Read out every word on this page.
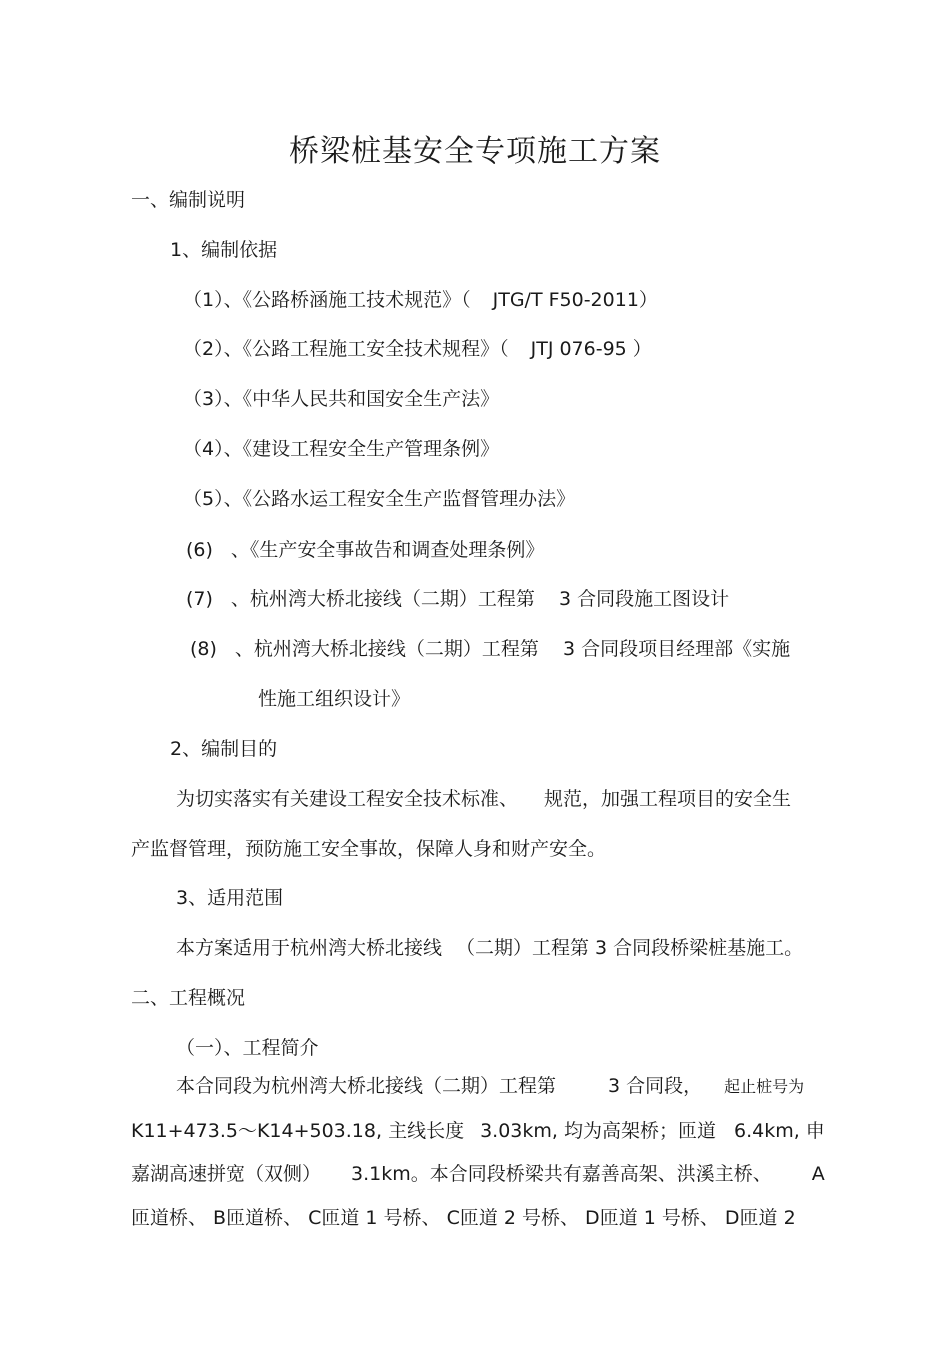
桥梁桩基安全专项施工方案
一、编制说明
1、编制依据
（1）、《公路桥涵施工技术规范》（ JTG/T F50-2011）
（2）、《公路工程施工安全技术规程》（ JTJ 076-95 ）
（3）、《中华人民共和国安全生产法》
（4）、《建设工程安全生产管理条例》
（5）、《公路水运工程安全生产监督管理办法》
(6) 、《生产安全事故告和调查处理条例》
(7) 、杭州湾大桥北接线（二期）工程第 3 合同段施工图设计
(8) 、杭州湾大桥北接线（二期）工程第 3 合同段项目经理部《实施
性施工组织设计》
2、编制目的
为切实落实有关建设工程安全技术标准、 规范，加强工程项目的安全生
产监督管理，预防施工安全事故，保障人身和财产安全。
3、适用范围
本方案适用于杭州湾大桥北接线 （二期）工程第 3 合同段桥梁桩基施工。
二、工程概况
（一）、工程简介
本合同段为杭州湾大桥北接线（二期）工程第	3 合同段， 起止桩号为
K11+473.5～K14+503.18, 主线长度 3.03km, 均为高架桥；匝道 6.4km, 申
嘉湖高速拼宽（双侧） 3.1km。本合同段桥梁共有嘉善高架、洪溪主桥、 A
匝道桥、 B匝道桥、 C匝道 1 号桥、 C匝道 2 号桥、 D匝道 1 号桥、 D匝道 2
